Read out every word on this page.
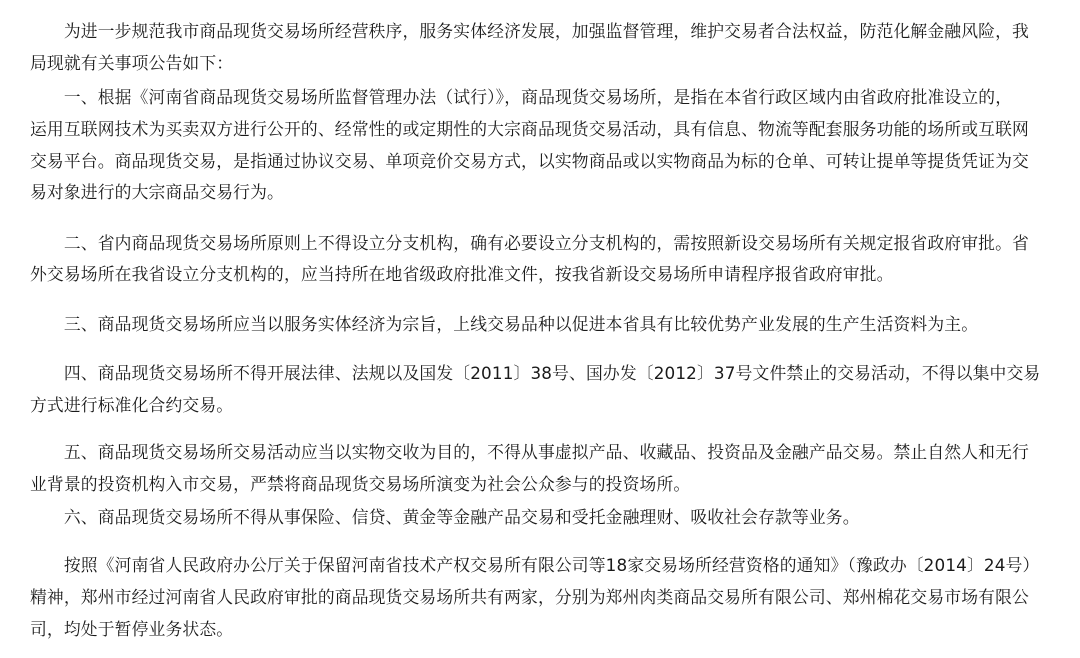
　　为进一步规范我市商品现货交易场所经营秩序，服务实体经济发展，加强监督管理，维护交易者合法权益，防范化解金融风险，我
局现就有关事项公告如下：
　　一、根据《河南省商品现货交易场所监督管理办法（试行）》，商品现货交易场所，是指在本省行政区域内由省政府批准设立的，
运用互联网技术为买卖双方进行公开的、经常性的或定期性的大宗商品现货交易活动，具有信息、物流等配套服务功能的场所或互联网
交易平台。商品现货交易，是指通过协议交易、单项竞价交易方式，以实物商品或以实物商品为标的仓单、可转让提单等提货凭证为交
易对象进行的大宗商品交易行为。
　　二、省内商品现货交易场所原则上不得设立分支机构，确有必要设立分支机构的，需按照新设交易场所有关规定报省政府审批。省
外交易场所在我省设立分支机构的，应当持所在地省级政府批准文件，按我省新设交易场所申请程序报省政府审批。
　　三、商品现货交易场所应当以服务实体经济为宗旨，上线交易品种以促进本省具有比较优势产业发展的生产生活资料为主。
　　四、商品现货交易场所不得开展法律、法规以及国发〔2011〕38号、国办发〔2012〕37号文件禁止的交易活动，不得以集中交易
方式进行标准化合约交易。
　　五、商品现货交易场所交易活动应当以实物交收为目的，不得从事虚拟产品、收藏品、投资品及金融产品交易。禁止自然人和无行
业背景的投资机构入市交易，严禁将商品现货交易场所演变为社会公众参与的投资场所。
　　六、商品现货交易场所不得从事保险、信贷、黄金等金融产品交易和受托金融理财、吸收社会存款等业务。
　　按照《河南省人民政府办公厅关于保留河南省技术产权交易所有限公司等18家交易场所经营资格的通知》（豫政办〔2014〕24号）
精神，郑州市经过河南省人民政府审批的商品现货交易场所共有两家，分别为郑州肉类商品交易所有限公司、郑州棉花交易市场有限公
司，均处于暂停业务状态。
